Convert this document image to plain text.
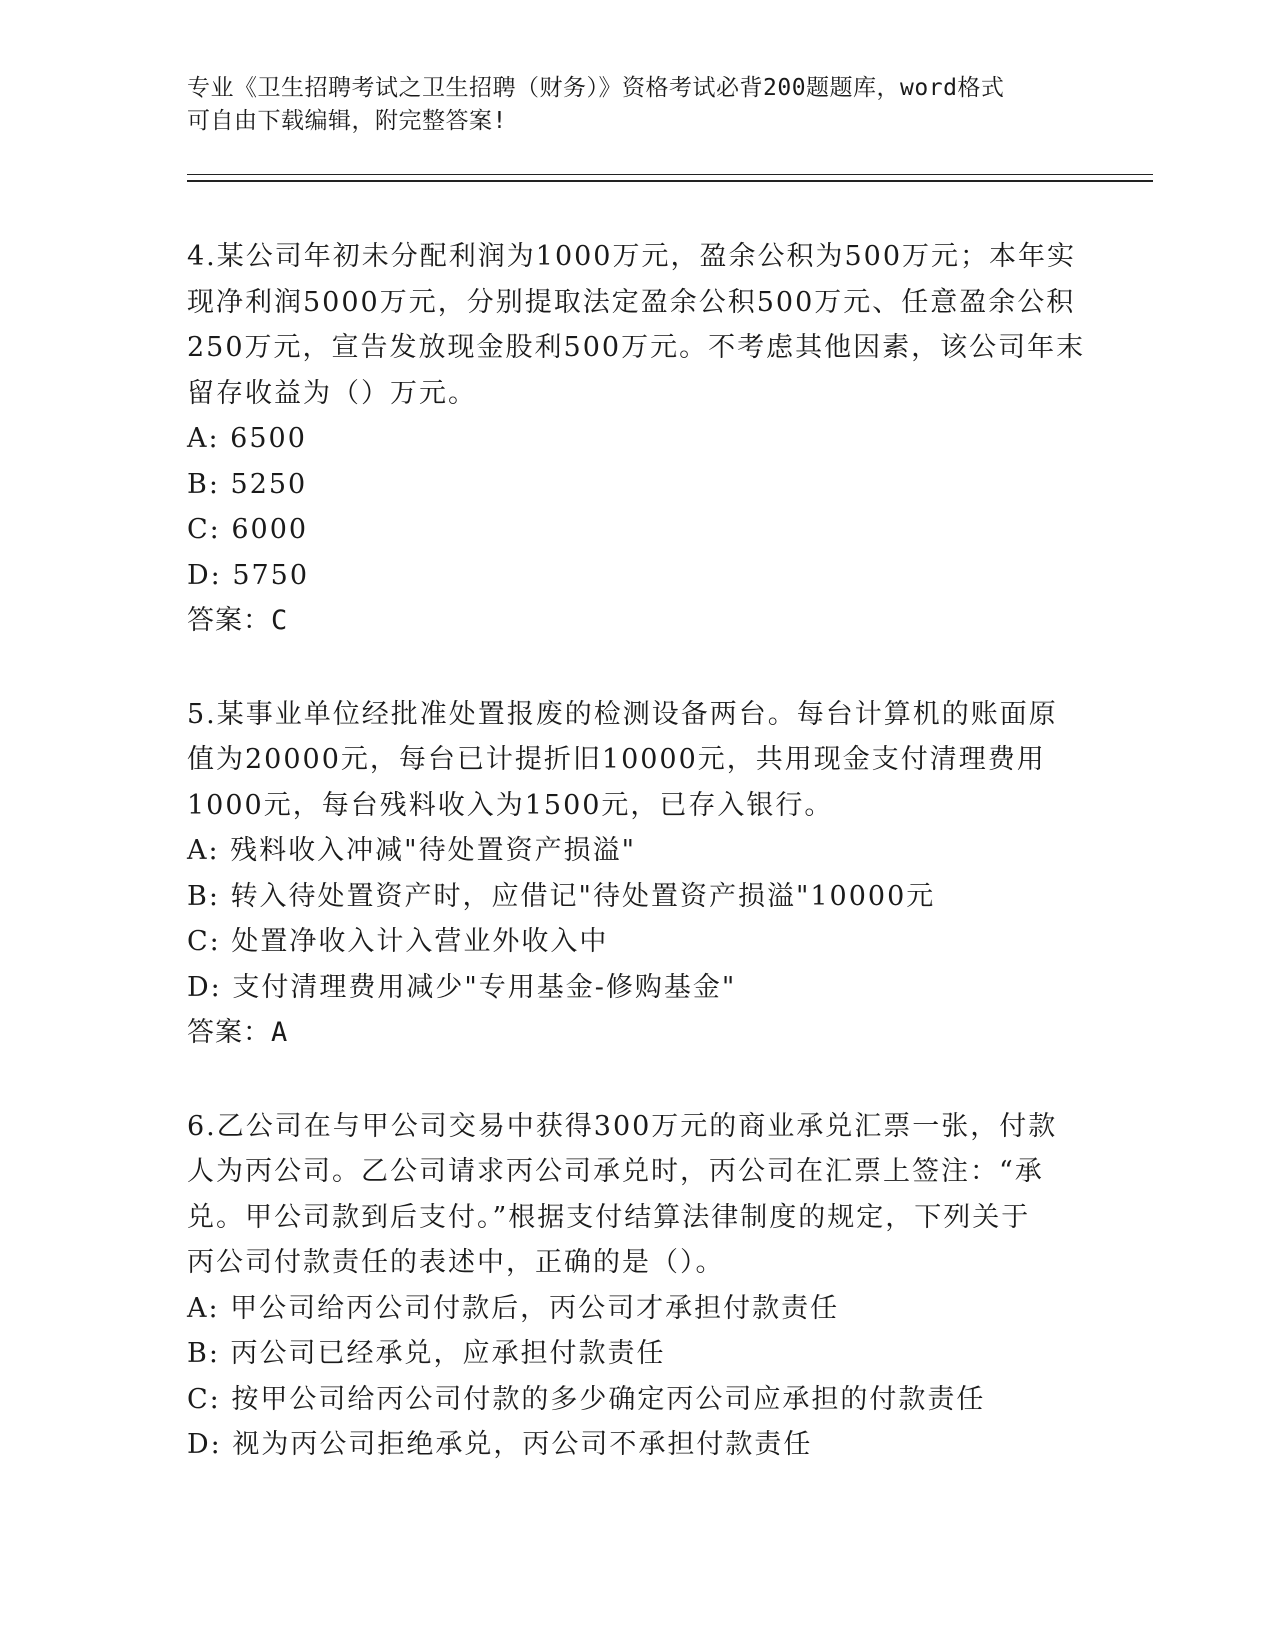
专业《卫生招聘考试之卫生招聘（财务）》资格考试必背200题题库，word格式
可自由下载编辑，附完整答案!
4.某公司年初未分配利润为1000万元，盈余公积为500万元；本年实
现净利润5000万元，分别提取法定盈余公积500万元、任意盈余公积
250万元，宣告发放现金股利500万元。不考虑其他因素，该公司年末
留存收益为（）万元。
A: 6500
B: 5250
C: 6000
D: 5750
答案：C
5.某事业单位经批准处置报废的检测设备两台。每台计算机的账面原
值为20000元，每台已计提折旧10000元，共用现金支付清理费用
1000元，每台残料收入为1500元，已存入银行。
A: 残料收入冲减"待处置资产损溢"
B: 转入待处置资产时，应借记"待处置资产损溢"10000元
C: 处置净收入计入营业外收入中
D: 支付清理费用减少"专用基金-修购基金"
答案：A
6.乙公司在与甲公司交易中获得300万元的商业承兑汇票一张，付款
人为丙公司。乙公司请求丙公司承兑时，丙公司在汇票上签注：“承
兑。甲公司款到后支付。”根据支付结算法律制度的规定，下列关于
丙公司付款责任的表述中，正确的是（）。
A: 甲公司给丙公司付款后，丙公司才承担付款责任
B: 丙公司已经承兑，应承担付款责任
C: 按甲公司给丙公司付款的多少确定丙公司应承担的付款责任
D: 视为丙公司拒绝承兑，丙公司不承担付款责任
